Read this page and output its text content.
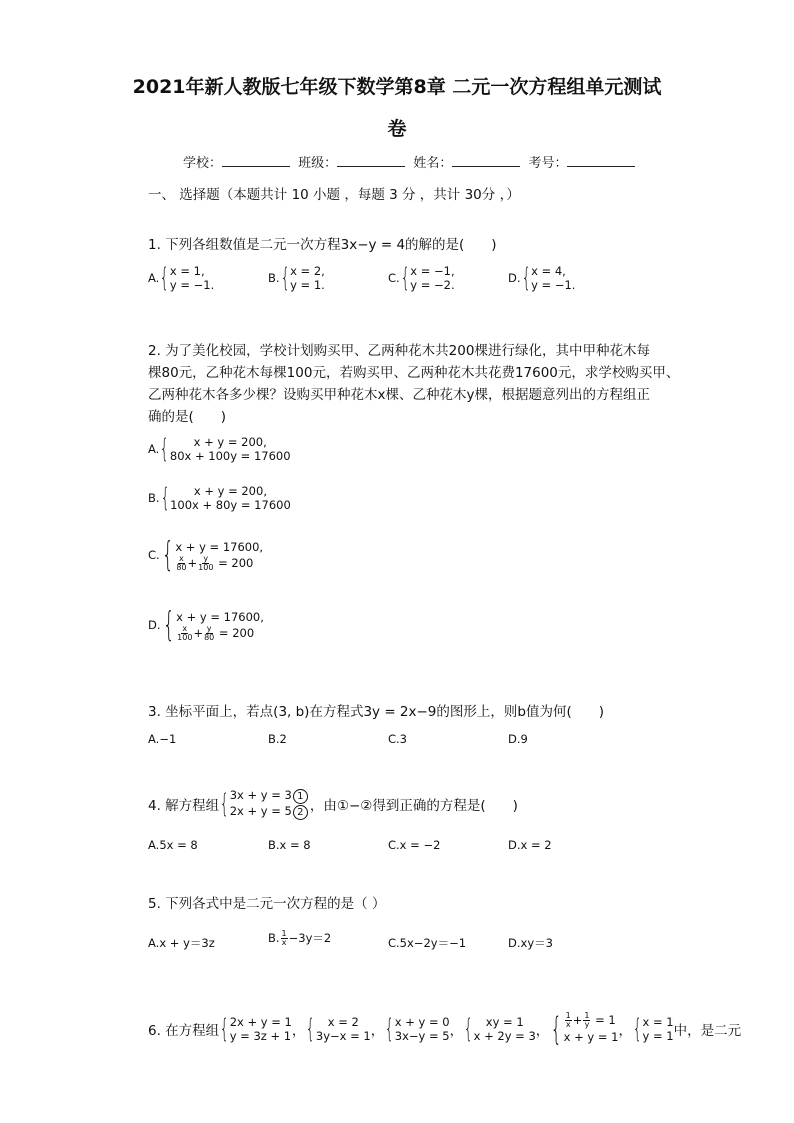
2021年新人教版七年级下数学第8章 二元一次方程组单元测试
卷
学校：	班级：	姓名：	考号：
一、 选择题（本题共计 10 小题 ，每题 3 分 ，共计 30分 ，）
1. 下列各组数值是二元一次方程3x−y = 4的解的是(　　)
A. { x = 1,
y = −1.	B. { x = 2,
y = 1.	C. { x = −1,
y = −2.	D. { x = 4,
y = −1.
2. 为了美化校园，学校计划购买甲、乙两种花木共200棵进行绿化，其中甲种花木每
棵80元，乙种花木每棵100元，若购买甲、乙两种花木共花费17600元，求学校购买甲、
乙两种花木各多少棵？设购买甲种花木x棵、乙种花木y棵，根据题意列出的方程组正
确的是(　　)
A. {	x + y = 200,
80x + 100y = 17600
B. {	x + y = 200,
100x + 80y = 17600
C. { x + y = 17600,
$\frac{x}{80} + \frac{y}{100} = 200$
D. { x + y = 17600,
$\frac{x}{100} + \frac{y}{80} = 200$
3. 坐标平面上，若点(3, b)在方程式3y = 2x−9的图形上，则b值为何(　　)
A.−1	B.2	C.3	D.9
4. 解方程组 { 3x + y = 3 1
2x + y = 5 2 ，由①−②得到正确的方程是(　　)
A.5x = 8	B.x = 8	C.x = −2	D.x = 2
5. 下列各式中是二元一次方程的是（ ）
A.x + y＝3z	B. $\frac{1}{x} -3y=2$	C.5x−2y＝−1	D.xy＝3
6. 在方程组 { 2x + y = 1
y = 3z + 1 ， {	x = 2
3y−x = 1 ， { x + y = 0
3x−y = 5 ， {	xy = 1
x + 2y = 3 ， { $\frac{1}{x} + \frac{1}{y} = 1$
x + y = 1 ， { x = 1
y = 1 中，是二元
